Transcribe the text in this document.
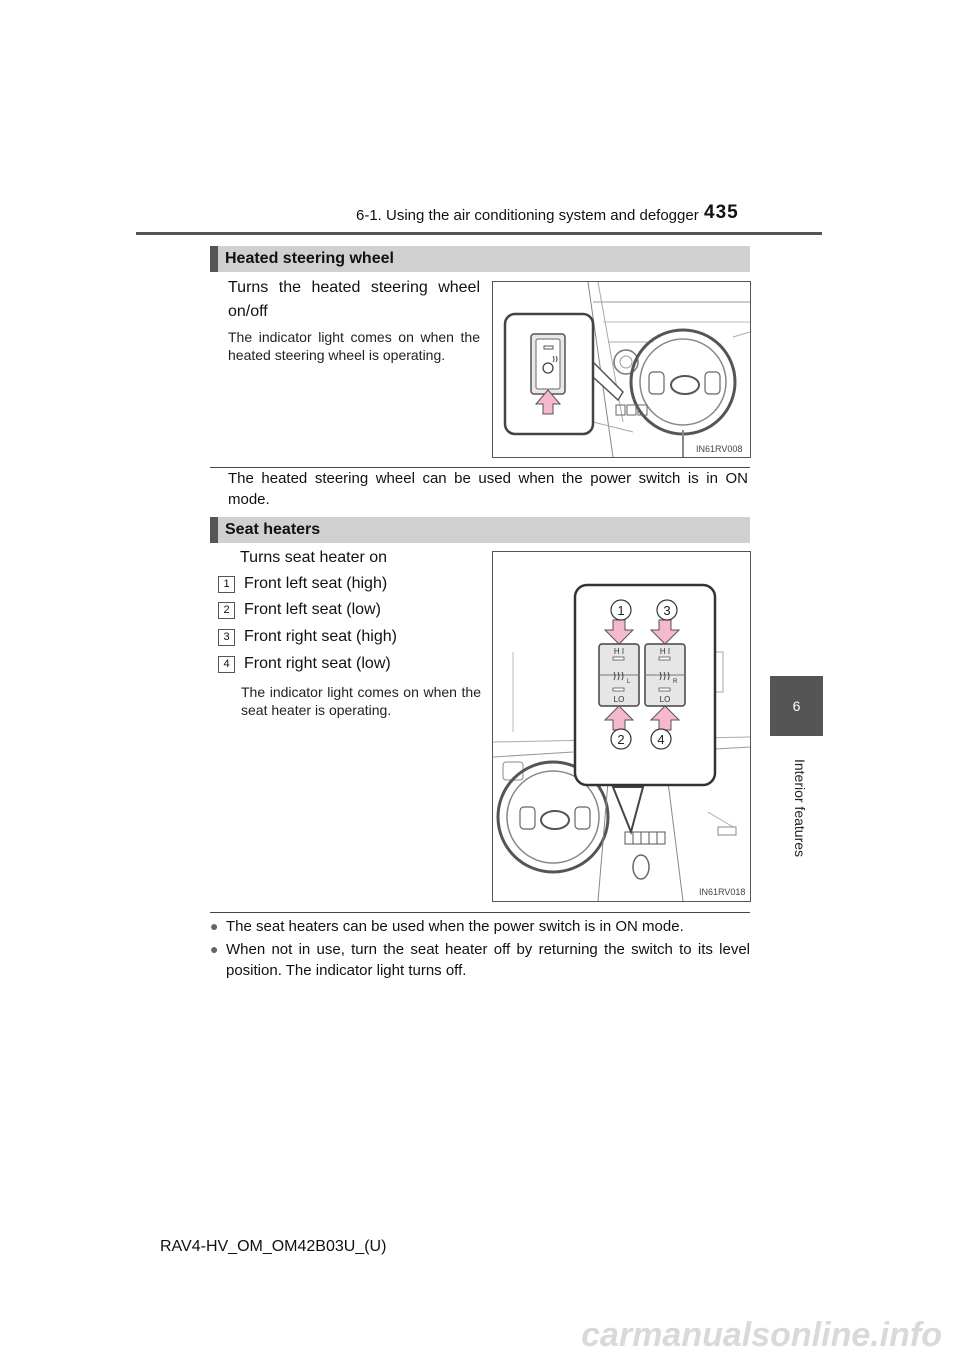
6-1. Using the air conditioning system and defogger 435
6
Interior features
Heated steering wheel
Turns the heated steering wheel on/off
The indicator light comes on when the heated steering wheel is operating.
IN61RV008
The heated steering wheel can be used when the power switch is in ON mode.
Seat heaters
Turns seat heater on
1 Front left seat (high)
2 Front left seat (low)
3 Front right seat (high)
4 Front right seat (low)
The indicator light comes on when the seat heater is operating.
H I	H I
L	R
LO	LO
1	3
2	4
IN61RV018
● The seat heaters can be used when the power switch is in ON mode.
● When not in use, turn the seat heater off by returning the switch to its level position. The indicator light turns off.
RAV4-HV_OM_OM42B03U_(U)
carmanualsonline.info
